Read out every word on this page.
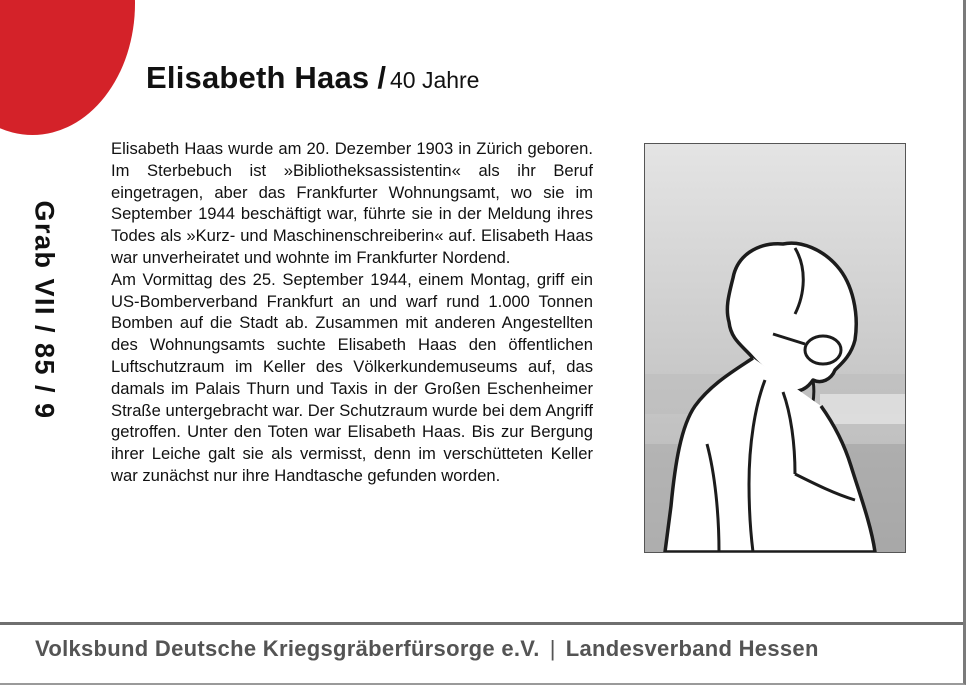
Elisabeth Haas / 40 Jahre
Grab VII / 85 / 9

Elisabeth Haas wurde am 20. Dezember 1903 in Zürich geboren. Im Sterbebuch ist »Bibliotheksassistentin« als ihr Beruf eingetragen, aber das Frankfurter Wohnungsamt, wo sie im September 1944 beschäftigt war, führte sie in der Meldung ihres Todes als »Kurz- und Maschinenschreiberin« auf. Elisabeth Haas war unverheiratet und wohnte im Frankfurter Nordend.

Am Vormittag des 25. September 1944, einem Montag, griff ein US-Bomberverband Frankfurt an und warf rund 1.000 Tonnen Bomben auf die Stadt ab. Zusammen mit anderen Angestellten des Wohnungsamts suchte Elisabeth Haas den öffentlichen Luftschutzraum im Keller des Völkerkundemuseums auf, das damals im Palais Thurn und Taxis in der Großen Eschenheimer Straße untergebracht war. Der Schutzraum wurde bei dem Angriff getroffen. Unter den Toten war Elisabeth Haas. Bis zur Bergung ihrer Leiche galt sie als vermisst, denn im verschütteten Keller war zunächst nur ihre Handtasche gefunden worden.

Volksbund Deutsche Kriegsgräberfürsorge e.V. | Landesverband Hessen
